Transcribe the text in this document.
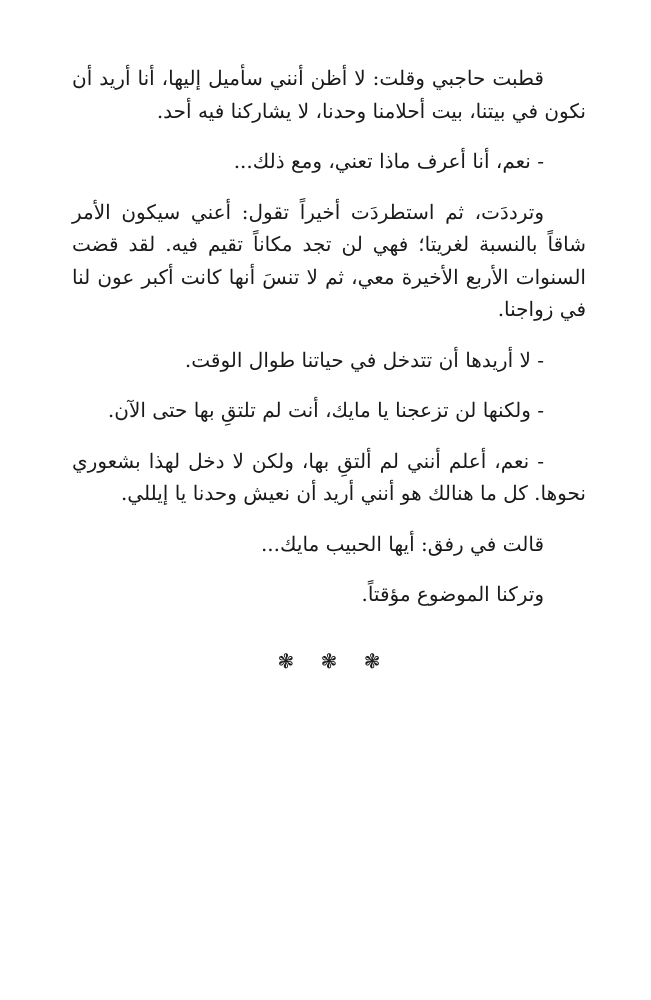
قطبت حاجبي وقلت: لا أظن أنني سأميل إليها، أنا أريد أن نكون في بيتنا، بيت أحلامنا وحدنا، لا يشاركنا فيه أحد.

- نعم، أنا أعرف ماذا تعني، ومع ذلك...

وترددَت، ثم استطردَت أخيراً تقول: أعني سيكون الأمر شاقاً بالنسبة لغريتا؛ فهي لن تجد مكاناً تقيم فيه. لقد قضت السنوات الأربع الأخيرة معي، ثم لا تنسَ أنها كانت أكبر عون لنا في زواجنا.

- لا أريدها أن تتدخل في حياتنا طوال الوقت.

- ولكنها لن تزعجنا يا مايك، أنت لم تلتقِ بها حتى الآن.

- نعم، أعلم أنني لم ألتقِ بها، ولكن لا دخل لهذا بشعوري نحوها. كل ما هنالك هو أنني أريد أن نعيش وحدنا يا إيللي.

قالت في رفق: أيها الحبيب مايك...

وتركنا الموضوع مؤقتاً.

❃ ❃ ❃
